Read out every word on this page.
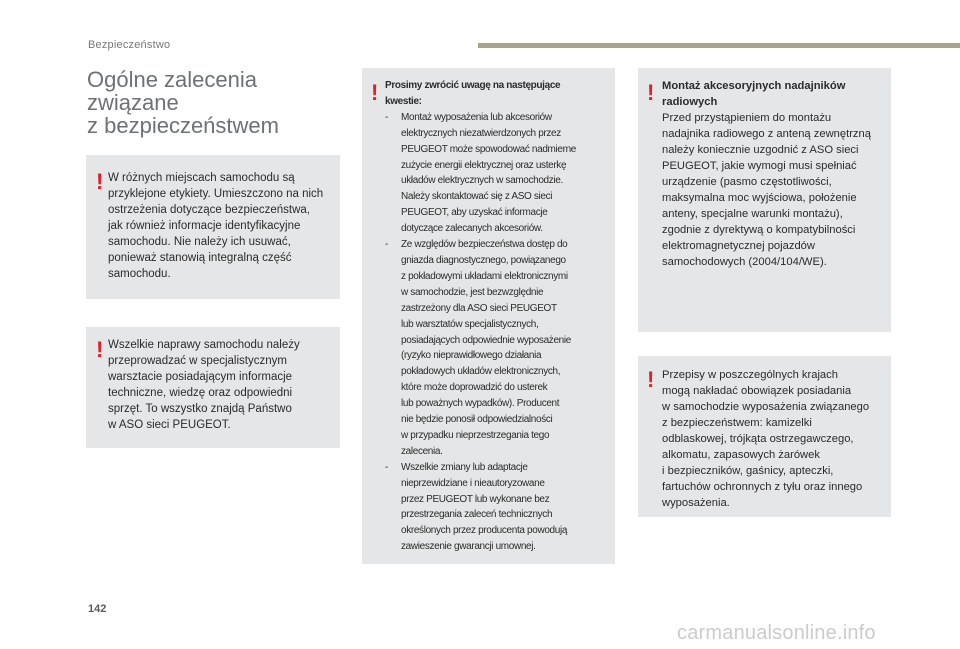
Bezpieczeństwo
Ogólne zalecenia
związane
z bezpieczeństwem
! W różnych miejscach samochodu są
przyklejone etykiety. Umieszczono na nich
ostrzeżenia dotyczące bezpieczeństwa,
jak również informacje identyfikacyjne
samochodu. Nie należy ich usuwać,
ponieważ stanowią integralną część
samochodu.
! Wszelkie naprawy samochodu należy
przeprowadzać w specjalistycznym
warsztacie posiadającym informacje
techniczne, wiedzę oraz odpowiedni
sprzęt. To wszystko znajdą Państwo
w ASO sieci PEUGEOT.
! Prosimy zwrócić uwagę na następujące
kwestie:
- Montaż wyposażenia lub akcesoriów
elektrycznych niezatwierdzonych przez
PEUGEOT może spowodować nadmierne
zużycie energii elektrycznej oraz usterkę
układów elektrycznych w samochodzie.
Należy skontaktować się z ASO sieci
PEUGEOT, aby uzyskać informacje
dotyczące zalecanych akcesoriów.
- Ze względów bezpieczeństwa dostęp do
gniazda diagnostycznego, powiązanego
z pokładowymi układami elektronicznymi
w samochodzie, jest bezwzględnie
zastrzeżony dla ASO sieci PEUGEOT
lub warsztatów specjalistycznych,
posiadających odpowiednie wyposażenie
(ryzyko nieprawidłowego działania
pokładowych układów elektronicznych,
które może doprowadzić do usterek
lub poważnych wypadków). Producent
nie będzie ponosił odpowiedzialności
w przypadku nieprzestrzegania tego
zalecenia.
- Wszelkie zmiany lub adaptacje
nieprzewidziane i nieautoryzowane
przez PEUGEOT lub wykonane bez
przestrzegania zaleceń technicznych
określonych przez producenta powodują
zawieszenie gwarancji umownej.
! Montaż akcesoryjnych nadajników
radiowych
Przed przystąpieniem do montażu
nadajnika radiowego z anteną zewnętrzną
należy koniecznie uzgodnić z ASO sieci
PEUGEOT, jakie wymogi musi spełniać
urządzenie (pasmo częstotliwości,
maksymalna moc wyjściowa, położenie
anteny, specjalne warunki montażu),
zgodnie z dyrektywą o kompatybilności
elektromagnetycznej pojazdów
samochodowych (2004/104/WE).
! Przepisy w poszczególnych krajach
mogą nakładać obowiązek posiadania
w samochodzie wyposażenia związanego
z bezpieczeństwem: kamizelki
odblaskowej, trójkąta ostrzegawczego,
alkomatu, zapasowych żarówek
i bezpieczników, gaśnicy, apteczki,
fartuchów ochronnych z tyłu oraz innego
wyposażenia.
142
carmanualsonline.info
